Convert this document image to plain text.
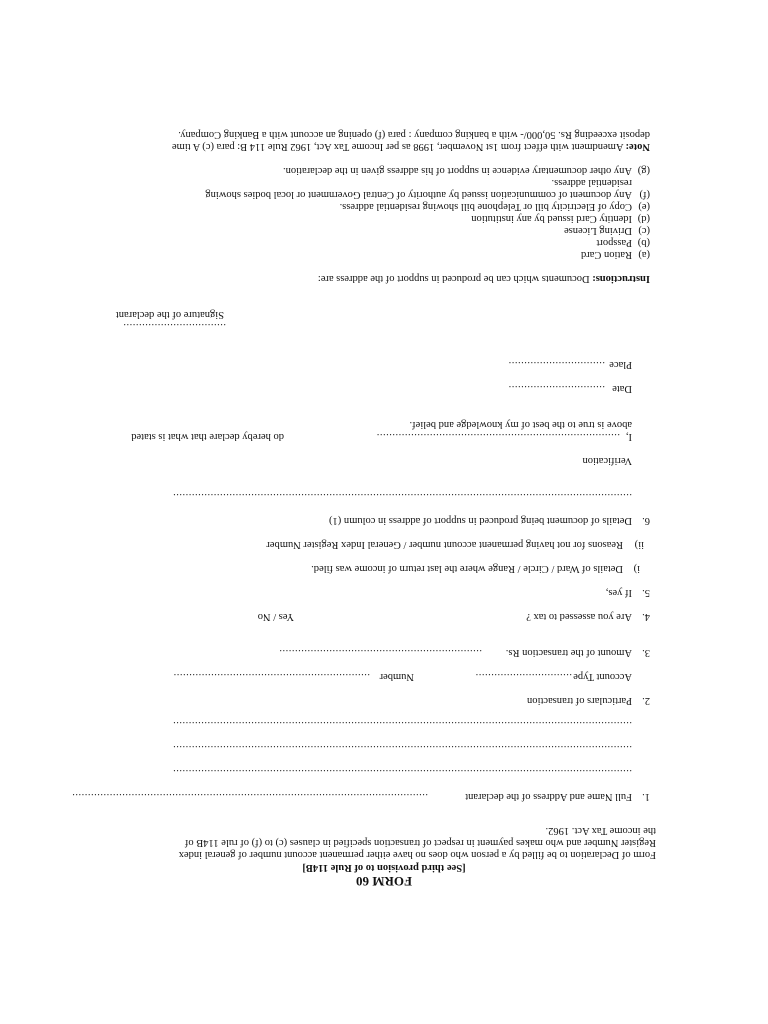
FORM 60
[See third provision to of Rule 114B]
Form of Declaration to be filled by a person who does no have either permanent account number of general index
Register Number and who makes payment in respect of transaction specified in clauses (c) to (f) of rule 114B of
the income Tax Act. 1962.
1.
Full Name and Address of the declarant
..................................................................................................................
...................................................................................................................................................
...................................................................................................................................................
...................................................................................................................................................
2.
Particulars of transaction
Account Type
...............................
Number
...............................................................
3.
Amount of the transaction Rs.
.................................................................
4.
Are you assessed to tax ?
Yes / No
5.
If yes,
i)
Details of Ward / Circle / Range where the last return of income was filed.
ii)
Reasons for not having permanent account number / General Index Register Number
6.
Details of document being produced in support of address in column (1)
...................................................................................................................................................
Verification
I,
..............................................................................
do hereby declare that what is stated
above is true to the best of my knowledge and belief.
Date
...............................
Place
...............................
.................................
Signature of the declarant
Instructions: Documents which can be produced in support of the address are:
(a)Ration Card
(b)Passport
(c)Driving License
(d)Identity Card issued by any institution
(e)Copy of Electricity bill or Telephone bill showing residential address.
(f)Any document of communication issued by authority of Central Government or local bodies showing
residential address.
(g)Any other documentary evidence in support of his address given in the declaration.
Note: Amendment with effect from 1st November, 1998 as per Income Tax Act, 1962 Rule 114 B: para (c) A time
deposit exceeding Rs. 50,000/- with a banking company : para (f) opening an account with a Banking Company.
